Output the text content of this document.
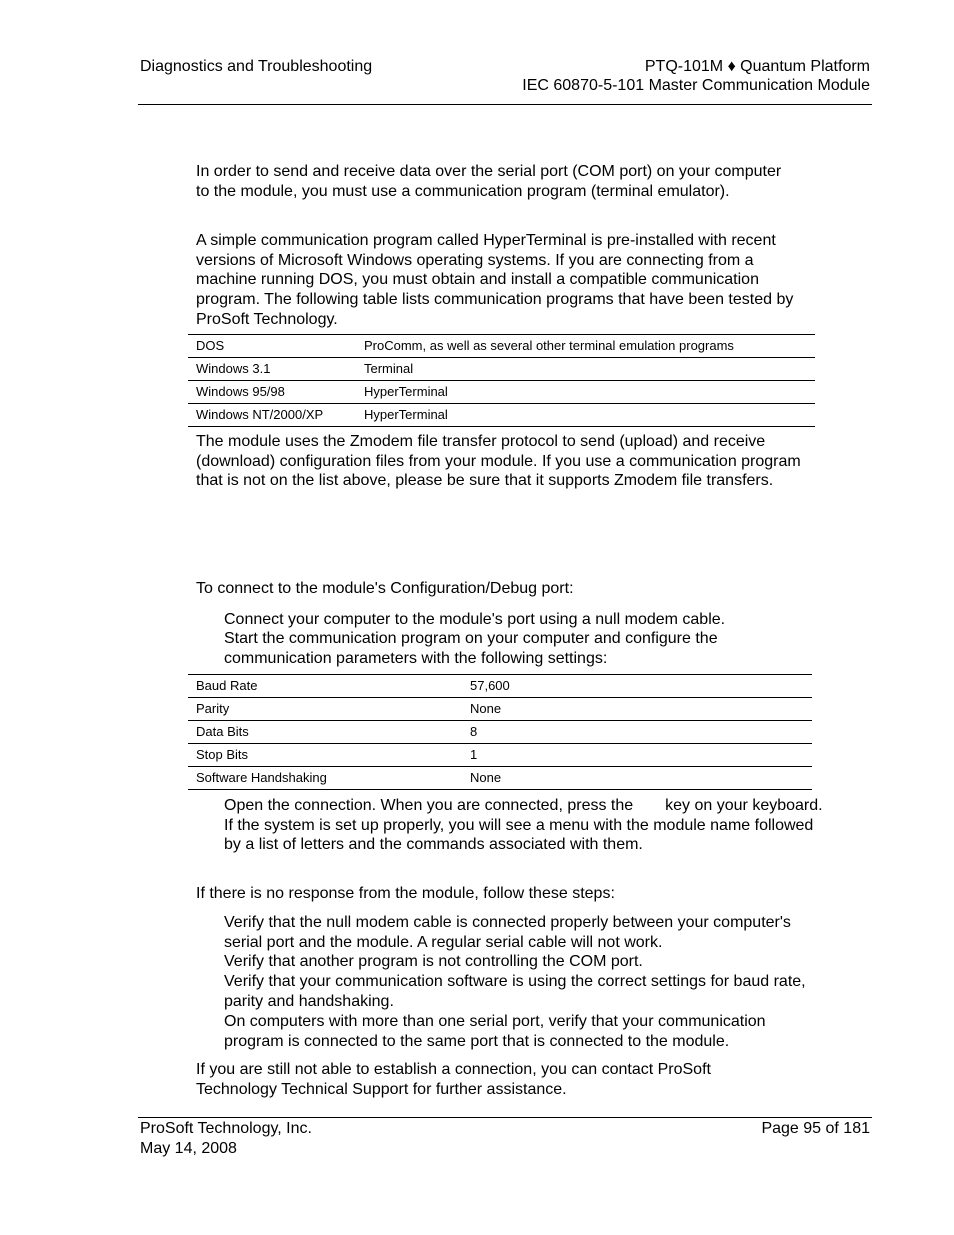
Diagnostics and Troubleshooting	PTQ-101M ♦ Quantum Platform
IEC 60870-5-101 Master Communication Module
In order to send and receive data over the serial port (COM port) on your computer to the module, you must use a communication program (terminal emulator).
A simple communication program called HyperTerminal is pre-installed with recent versions of Microsoft Windows operating systems. If you are connecting from a machine running DOS, you must obtain and install a compatible communication program. The following table lists communication programs that have been tested by ProSoft Technology.
DOS	ProComm, as well as several other terminal emulation programs
Windows 3.1	Terminal
Windows 95/98	HyperTerminal
Windows NT/2000/XP	HyperTerminal
The module uses the Zmodem file transfer protocol to send (upload) and receive (download) configuration files from your module. If you use a communication program that is not on the list above, please be sure that it supports Zmodem file transfers.
To connect to the module's Configuration/Debug port:
Connect your computer to the module's port using a null modem cable.
Start the communication program on your computer and configure the communication parameters with the following settings:
Baud Rate	57,600
Parity	None
Data Bits	8
Stop Bits	1
Software Handshaking	None
Open the connection. When you are connected, press the key on your keyboard. If the system is set up properly, you will see a menu with the module name followed by a list of letters and the commands associated with them.
If there is no response from the module, follow these steps:
Verify that the null modem cable is connected properly between your computer's serial port and the module. A regular serial cable will not work.
Verify that another program is not controlling the COM port.
Verify that your communication software is using the correct settings for baud rate, parity and handshaking.
On computers with more than one serial port, verify that your communication program is connected to the same port that is connected to the module.
If you are still not able to establish a connection, you can contact ProSoft Technology Technical Support for further assistance.
ProSoft Technology, Inc.
May 14, 2008
Page 95 of 181
